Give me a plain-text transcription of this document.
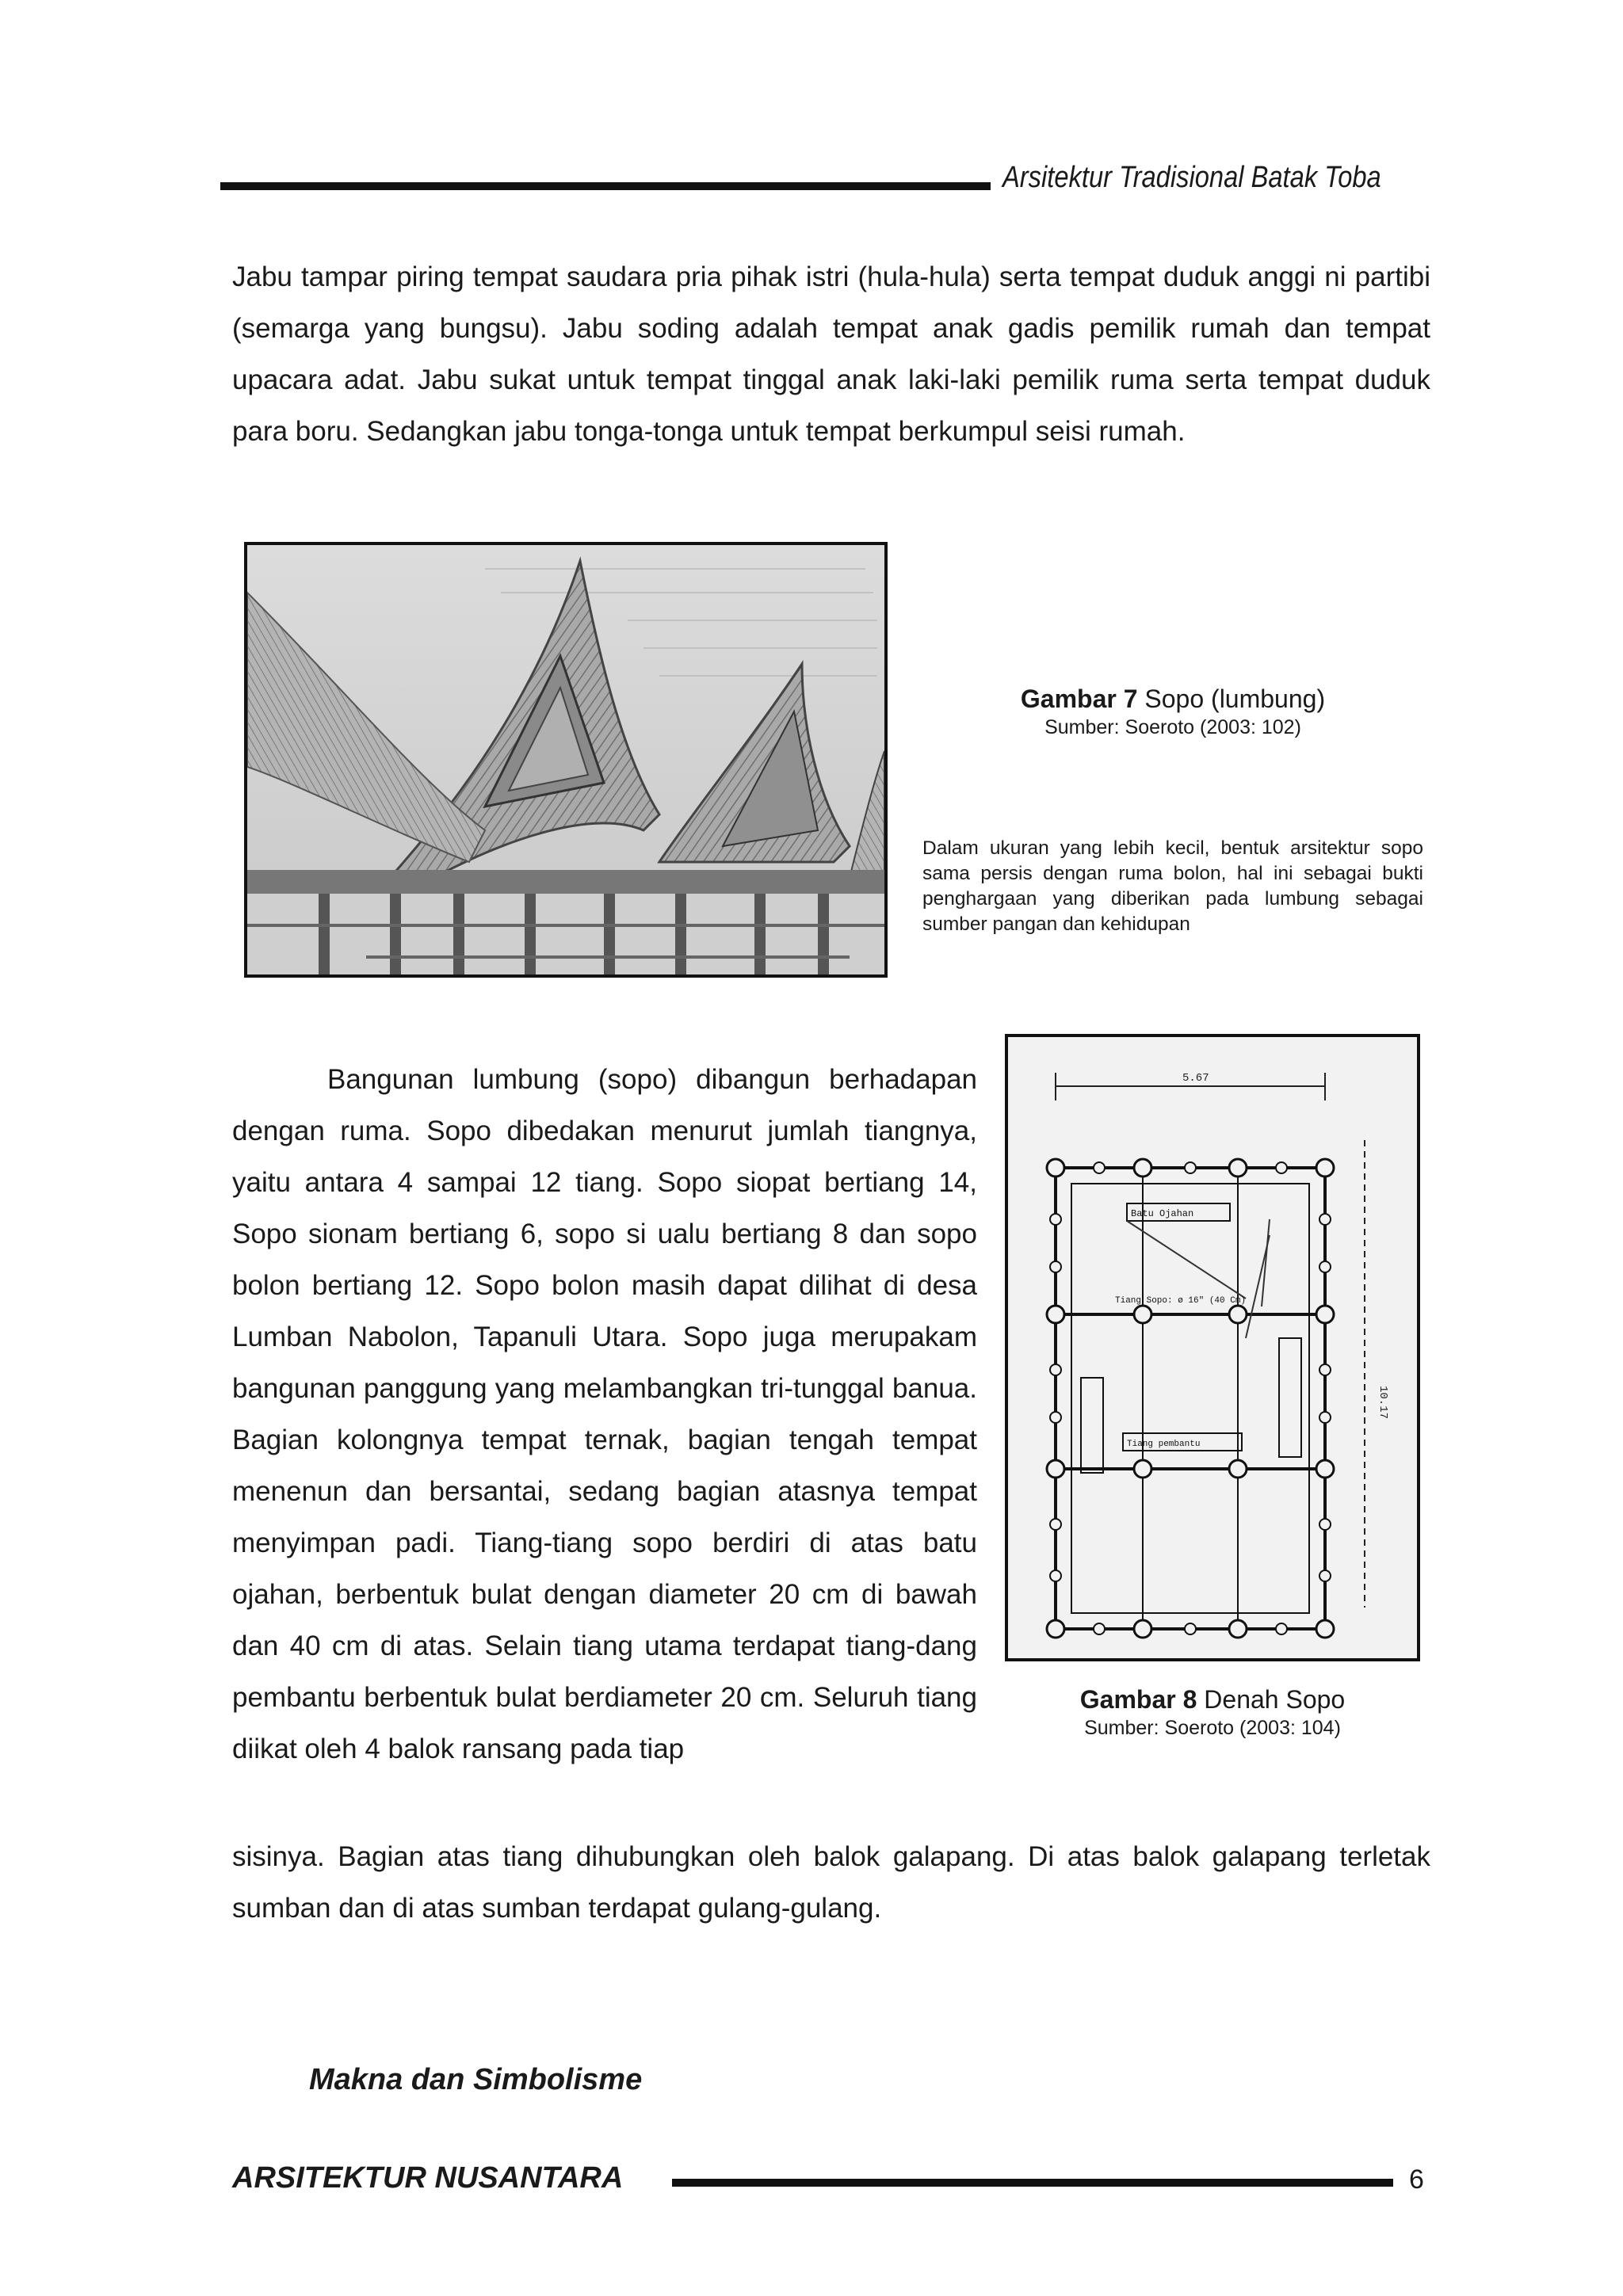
Arsitektur Tradisional Batak Toba

Jabu tampar piring tempat saudara pria pihak istri (hula-hula) serta tempat duduk anggi ni partibi (semarga yang bungsu). Jabu soding adalah tempat anak gadis pemilik rumah dan tempat upacara adat. Jabu sukat untuk tempat tinggal anak laki-laki pemilik ruma serta tempat duduk para boru. Sedangkan jabu tonga-tonga untuk tempat berkumpul seisi rumah.

Gambar 7 Sopo (lumbung)
Sumber: Soeroto (2003: 102)

Dalam ukuran yang lebih kecil, bentuk arsitektur sopo sama persis dengan ruma bolon, hal ini sebagai bukti penghargaan yang diberikan pada lumbung sebagai sumber pangan dan kehidupan

Bangunan lumbung (sopo) dibangun berhadapan dengan ruma. Sopo dibedakan menurut jumlah tiangnya, yaitu antara 4 sampai 12 tiang. Sopo siopat bertiang 14, Sopo sionam bertiang 6, sopo si ualu bertiang 8 dan sopo bolon bertiang 12. Sopo bolon masih dapat dilihat di desa Lumban Nabolon, Tapanuli Utara. Sopo juga merupakam bangunan panggung yang melambangkan tri-tunggal banua. Bagian kolongnya tempat ternak, bagian tengah tempat menenun dan bersantai, sedang bagian atasnya tempat menyimpan padi. Tiang-tiang sopo berdiri di atas batu ojahan, berbentuk bulat dengan diameter 20 cm di bawah dan 40 cm di atas. Selain tiang utama terdapat tiang-dang pembantu berbentuk bulat berdiameter 20 cm. Seluruh tiang diikat oleh 4 balok ransang pada tiap

5.67
10.17
Batu Ojahan
Tiang Sopo: ø 16" (40 Cm)
Tiang pembantu
Gambar 8 Denah Sopo
Sumber: Soeroto (2003: 104)

sisinya. Bagian atas tiang dihubungkan oleh balok galapang. Di atas balok galapang terletak sumban dan di atas sumban terdapat gulang-gulang.

Makna dan Simbolisme
ARSITEKTUR NUSANTARA	6
